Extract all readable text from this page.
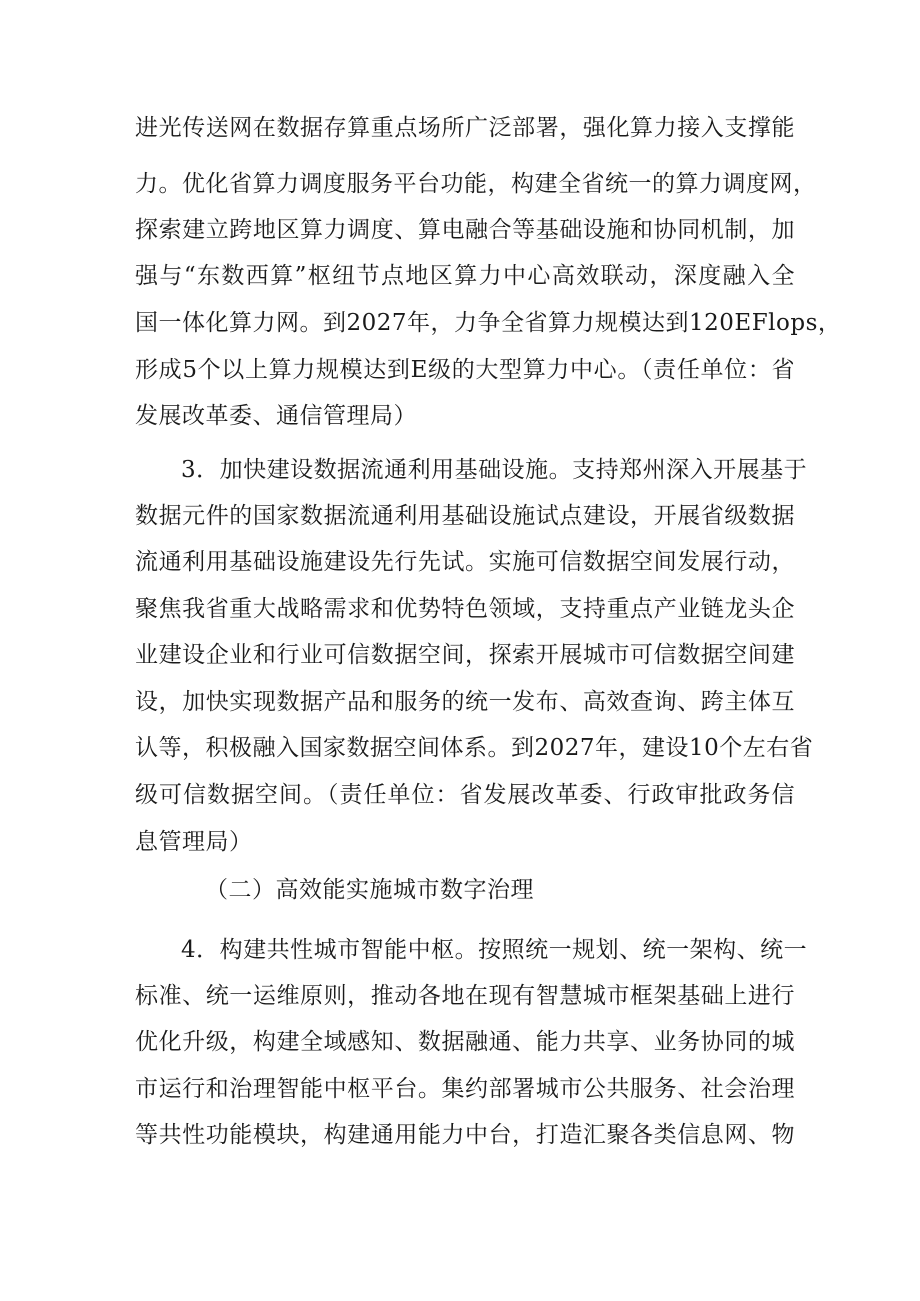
进光传送网在数据存算重点场所广泛部署，强化算力接入支撑能
力。优化省算力调度服务平台功能，构建全省统一的算力调度网，
探索建立跨地区算力调度、算电融合等基础设施和协同机制，加
强与“东数西算”枢纽节点地区算力中心高效联动，深度融入全
国一体化算力网。到2027年，力争全省算力规模达到120EFlops，
形成5个以上算力规模达到E级的大型算力中心。（责任单位：省
发展改革委、通信管理局）
3．加快建设数据流通利用基础设施。支持郑州深入开展基于
数据元件的国家数据流通利用基础设施试点建设，开展省级数据
流通利用基础设施建设先行先试。实施可信数据空间发展行动，
聚焦我省重大战略需求和优势特色领域，支持重点产业链龙头企
业建设企业和行业可信数据空间，探索开展城市可信数据空间建
设，加快实现数据产品和服务的统一发布、高效查询、跨主体互
认等，积极融入国家数据空间体系。到2027年，建设10个左右省
级可信数据空间。（责任单位：省发展改革委、行政审批政务信
息管理局）
（二）高效能实施城市数字治理
4．构建共性城市智能中枢。按照统一规划、统一架构、统一
标准、统一运维原则，推动各地在现有智慧城市框架基础上进行
优化升级，构建全域感知、数据融通、能力共享、业务协同的城
市运行和治理智能中枢平台。集约部署城市公共服务、社会治理
等共性功能模块，构建通用能力中台，打造汇聚各类信息网、物
